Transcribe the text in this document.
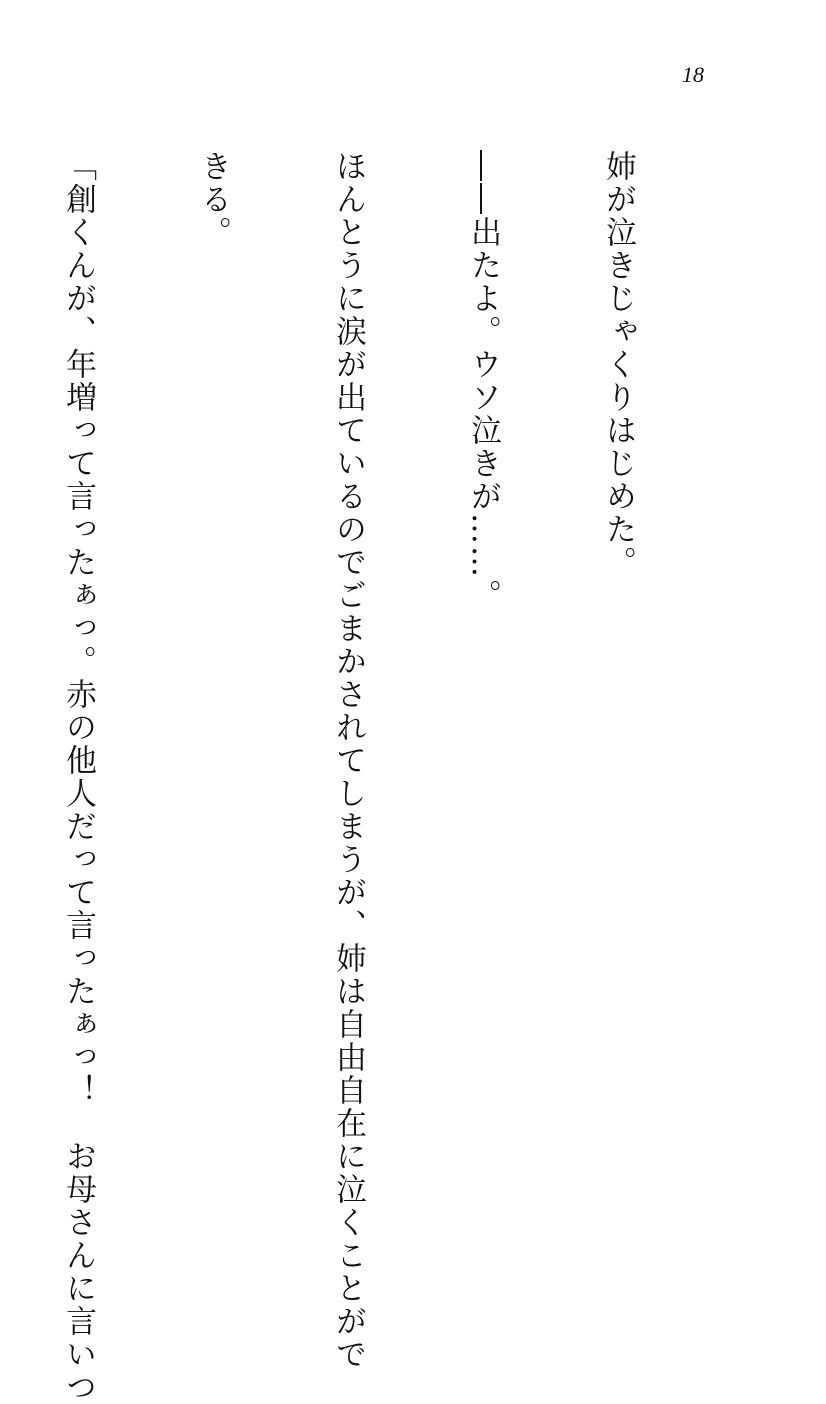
18

姉が泣きじゃくりはじめた。

――出たよ。ウソ泣きが……。

ほんとうに涙が出ているのでごまかされてしまうが、姉は自由自在に泣くことがで

きる。

「創くんが、年増って言ったぁっ。赤の他人だって言ったぁっ！　お母さんに言いつ
